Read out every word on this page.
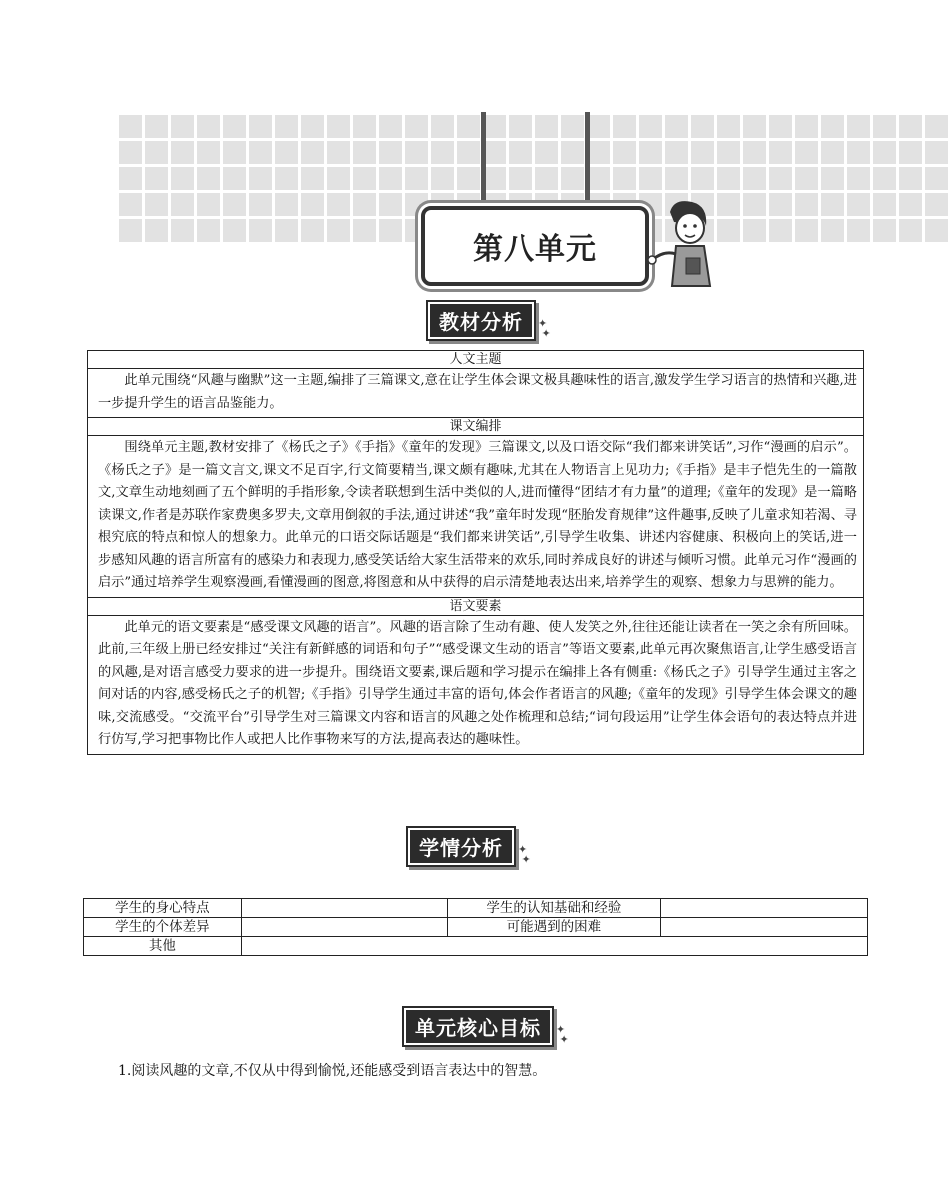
第八单元
教材分析	✦
✦
人文主题
此单元围绕“风趣与幽默”这一主题,编排了三篇课文,意在让学生体会课文极具趣味性的语言,激发学生学习语言的热情和兴趣,进一步提升学生的语言品鉴能力。
课文编排
围绕单元主题,教材安排了《杨氏之子》《手指》《童年的发现》三篇课文,以及口语交际“我们都来讲笑话”,习作“漫画的启示”。《杨氏之子》是一篇文言文,课文不足百字,行文简要精当,课文颇有趣味,尤其在人物语言上见功力;《手指》是丰子恺先生的一篇散文,文章生动地刻画了五个鲜明的手指形象,令读者联想到生活中类似的人,进而懂得“团结才有力量”的道理;《童年的发现》是一篇略读课文,作者是苏联作家费奥多罗夫,文章用倒叙的手法,通过讲述“我”童年时发现“胚胎发育规律”这件趣事,反映了儿童求知若渴、寻根究底的特点和惊人的想象力。此单元的口语交际话题是“我们都来讲笑话”,引导学生收集、讲述内容健康、积极向上的笑话,进一步感知风趣的语言所富有的感染力和表现力,感受笑话给大家生活带来的欢乐,同时养成良好的讲述与倾听习惯。此单元习作“漫画的启示”通过培养学生观察漫画,看懂漫画的图意,将图意和从中获得的启示清楚地表达出来,培养学生的观察、想象力与思辨的能力。
语文要素
此单元的语文要素是“感受课文风趣的语言”。风趣的语言除了生动有趣、使人发笑之外,往往还能让读者在一笑之余有所回味。此前,三年级上册已经安排过“关注有新鲜感的词语和句子”“感受课文生动的语言”等语文要素,此单元再次聚焦语言,让学生感受语言的风趣,是对语言感受力要求的进一步提升。围绕语文要素,课后题和学习提示在编排上各有侧重:《杨氏之子》引导学生通过主客之间对话的内容,感受杨氏之子的机智;《手指》引导学生通过丰富的语句,体会作者语言的风趣;《童年的发现》引导学生体会课文的趣味,交流感受。“交流平台”引导学生对三篇课文内容和语言的风趣之处作梳理和总结;“词句段运用”让学生体会语句的表达特点并进行仿写,学习把事物比作人或把人比作事物来写的方法,提高表达的趣味性。
学情分析	✦
✦
学生的身心特点		学生的认知基础和经验	
学生的个体差异		可能遇到的困难	
其他			
单元核心目标	✦
✦
1.阅读风趣的文章,不仅从中得到愉悦,还能感受到语言表达中的智慧。
